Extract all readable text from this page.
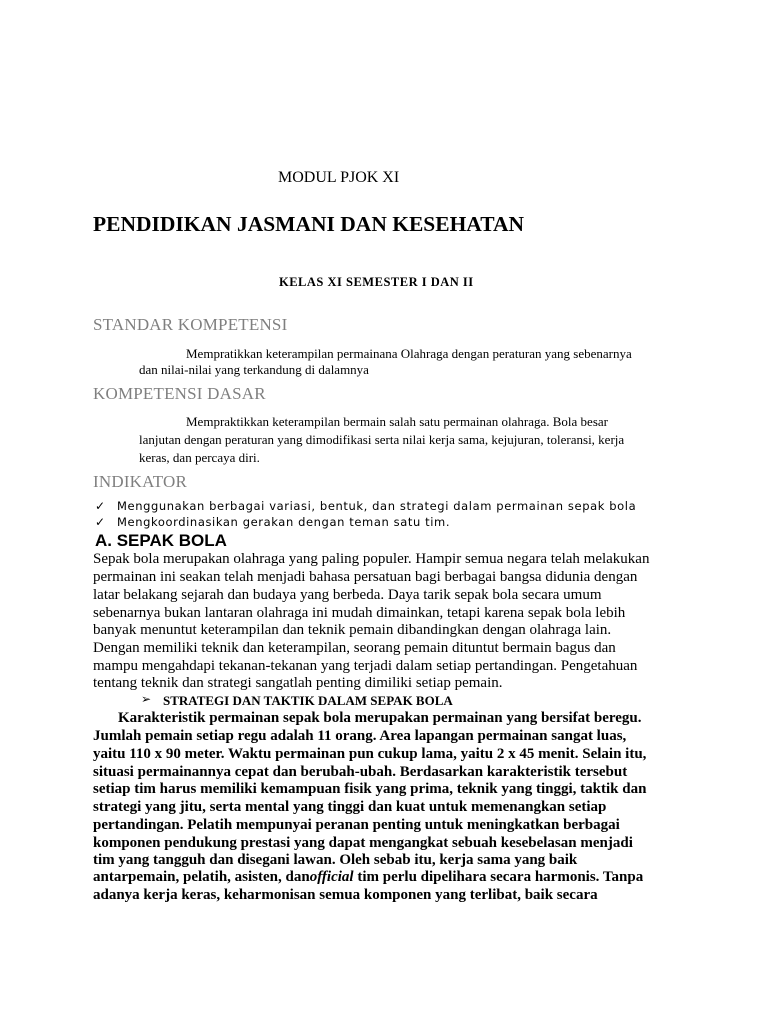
MODUL PJOK XI
PENDIDIKAN JASMANI DAN KESEHATAN
KELAS XI SEMESTER I DAN II
STANDAR KOMPETENSI
Mempratikkan keterampilan permainana Olahraga dengan peraturan yang sebenarnya
dan nilai-nilai yang terkandung di dalamnya
KOMPETENSI DASAR
Mempraktikkan keterampilan bermain salah satu permainan olahraga. Bola besar
lanjutan dengan peraturan yang dimodifikasi serta nilai kerja sama, kejujuran, toleransi, kerja
keras, dan percaya diri.
INDIKATOR
✓ Menggunakan berbagai variasi, bentuk, dan strategi dalam permainan sepak bola
✓ Mengkoordinasikan gerakan dengan teman satu tim.
A. SEPAK BOLA
Sepak bola merupakan olahraga yang paling populer. Hampir semua negara telah melakukan
permainan ini seakan telah menjadi bahasa persatuan bagi berbagai bangsa didunia dengan
latar belakang sejarah dan budaya yang berbeda. Daya tarik sepak bola secara umum
sebenarnya bukan lantaran olahraga ini mudah dimainkan, tetapi karena sepak bola lebih
banyak menuntut keterampilan dan teknik pemain dibandingkan dengan olahraga lain.
Dengan memiliki teknik dan keterampilan, seorang pemain dituntut bermain bagus dan
mampu mengahdapi tekanan-tekanan yang terjadi dalam setiap pertandingan. Pengetahuan
tentang teknik dan strategi sangatlah penting dimiliki setiap pemain.
➢ STRATEGI DAN TAKTIK DALAM SEPAK BOLA
Karakteristik permainan sepak bola merupakan permainan yang bersifat beregu.
Jumlah pemain setiap regu adalah 11 orang. Area lapangan permainan sangat luas,
yaitu 110 x 90 meter. Waktu permainan pun cukup lama, yaitu 2 x 45 menit. Selain itu,
situasi permainannya cepat dan berubah-ubah. Berdasarkan karakteristik tersebut
setiap tim harus memiliki kemampuan fisik yang prima, teknik yang tinggi, taktik dan
strategi yang jitu, serta mental yang tinggi dan kuat untuk memenangkan setiap
pertandingan. Pelatih mempunyai peranan penting untuk meningkatkan berbagai
komponen pendukung prestasi yang dapat mengangkat sebuah kesebelasan menjadi
tim yang tangguh dan disegani lawan. Oleh sebab itu, kerja sama yang baik
antarpemain, pelatih, asisten, danofficial tim perlu dipelihara secara harmonis. Tanpa
adanya kerja keras, keharmonisan semua komponen yang terlibat, baik secara
